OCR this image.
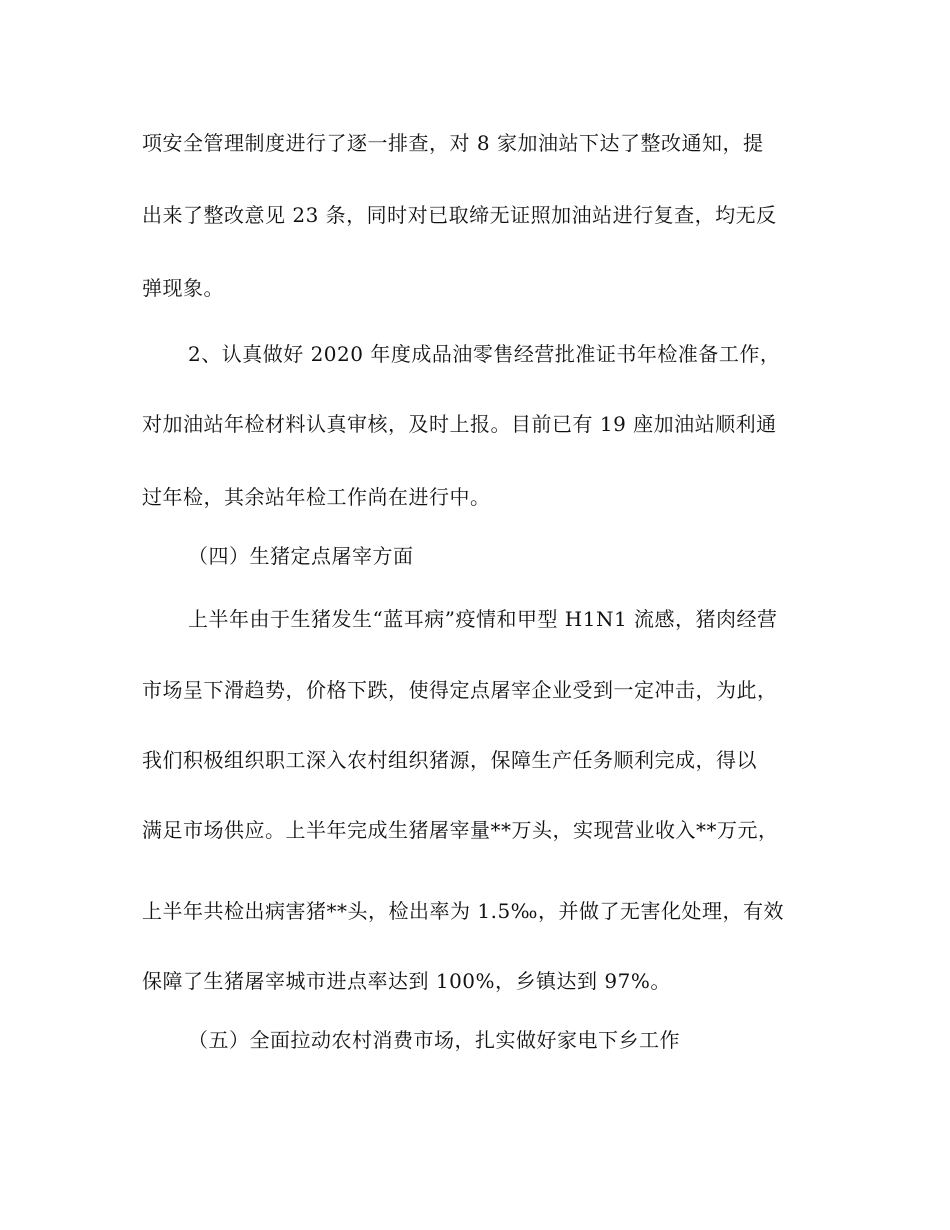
项安全管理制度进行了逐一排查，对 8 家加油站下达了整改通知，提
出来了整改意见 23 条，同时对已取缔无证照加油站进行复查，均无反
弹现象。
2、认真做好 2020 年度成品油零售经营批准证书年检准备工作，
对加油站年检材料认真审核，及时上报。目前已有 19 座加油站顺利通
过年检，其余站年检工作尚在进行中。
（四）生猪定点屠宰方面
上半年由于生猪发生“蓝耳病”疫情和甲型 H1N1 流感，猪肉经营
市场呈下滑趋势，价格下跌，使得定点屠宰企业受到一定冲击，为此，
我们积极组织职工深入农村组织猪源，保障生产任务顺利完成，得以
满足市场供应。上半年完成生猪屠宰量**万头，实现营业收入**万元，
上半年共检出病害猪**头，检出率为 1.5‰，并做了无害化处理，有效
保障了生猪屠宰城市进点率达到 100%，乡镇达到 97%。
（五）全面拉动农村消费市场，扎实做好家电下乡工作
